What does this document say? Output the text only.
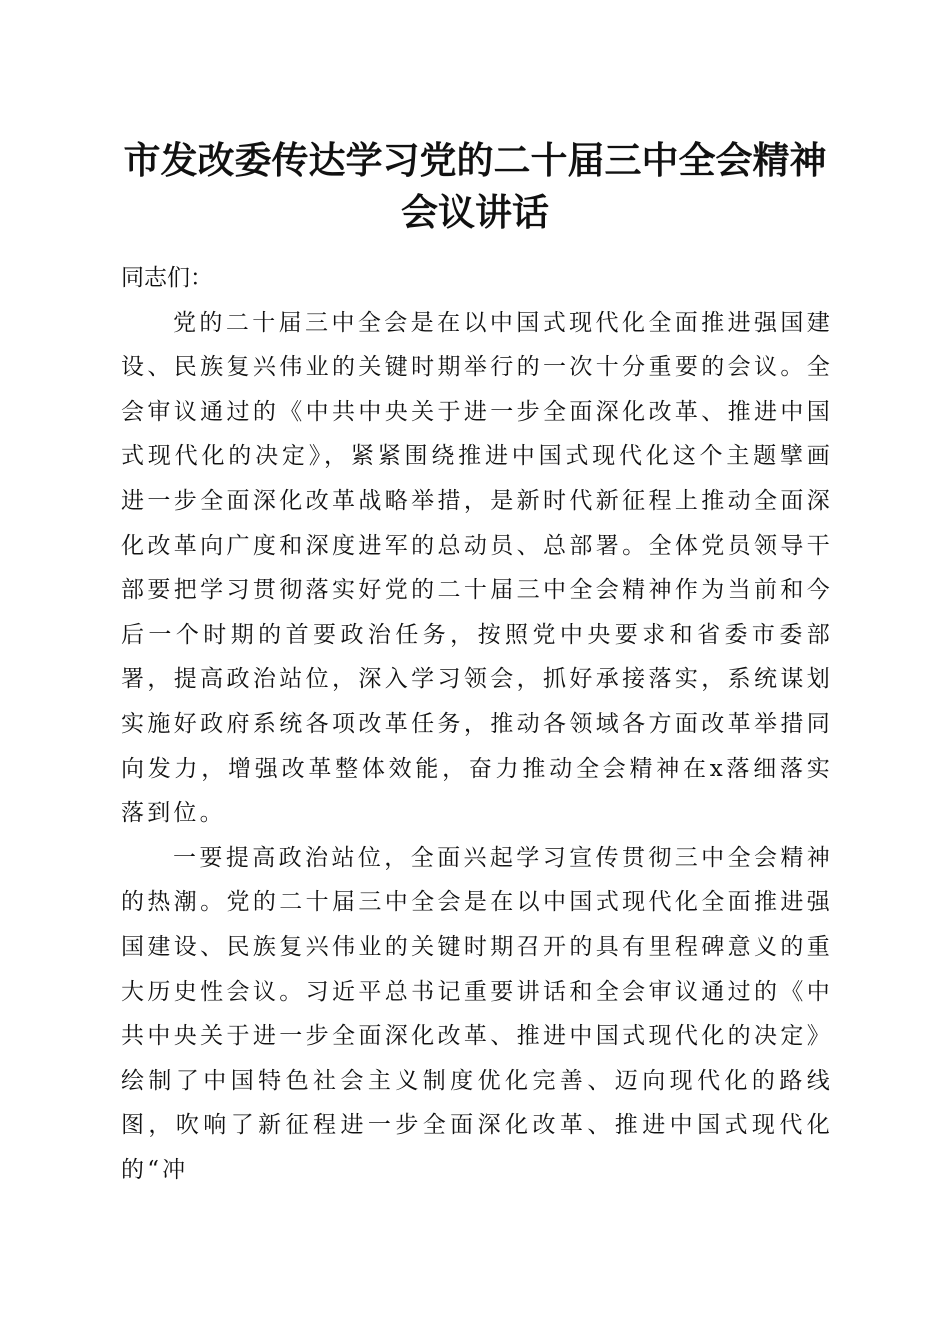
市发改委传达学习党的二十届三中全会精神会议讲话

同志们：

党的二十届三中全会是在以中国式现代化全面推进强国建设、民族复兴伟业的关键时期举行的一次十分重要的会议。全会审议通过的《中共中央关于进一步全面深化改革、推进中国式现代化的决定》，紧紧围绕推进中国式现代化这个主题擘画进一步全面深化改革战略举措，是新时代新征程上推动全面深化改革向广度和深度进军的总动员、总部署。全体党员领导干部要把学习贯彻落实好党的二十届三中全会精神作为当前和今后一个时期的首要政治任务，按照党中央要求和省委市委部署，提高政治站位，深入学习领会，抓好承接落实，系统谋划实施好政府系统各项改革任务，推动各领域各方面改革举措同向发力，增强改革整体效能，奋力推动全会精神在x落细落实落到位。

一要提高政治站位，全面兴起学习宣传贯彻三中全会精神的热潮。党的二十届三中全会是在以中国式现代化全面推进强国建设、民族复兴伟业的关键时期召开的具有里程碑意义的重大历史性会议。习近平总书记重要讲话和全会审议通过的《中共中央关于进一步全面深化改革、推进中国式现代化的决定》绘制了中国特色社会主义制度优化完善、迈向现代化的路线图，吹响了新征程进一步全面深化改革、推进中国式现代化的“冲
